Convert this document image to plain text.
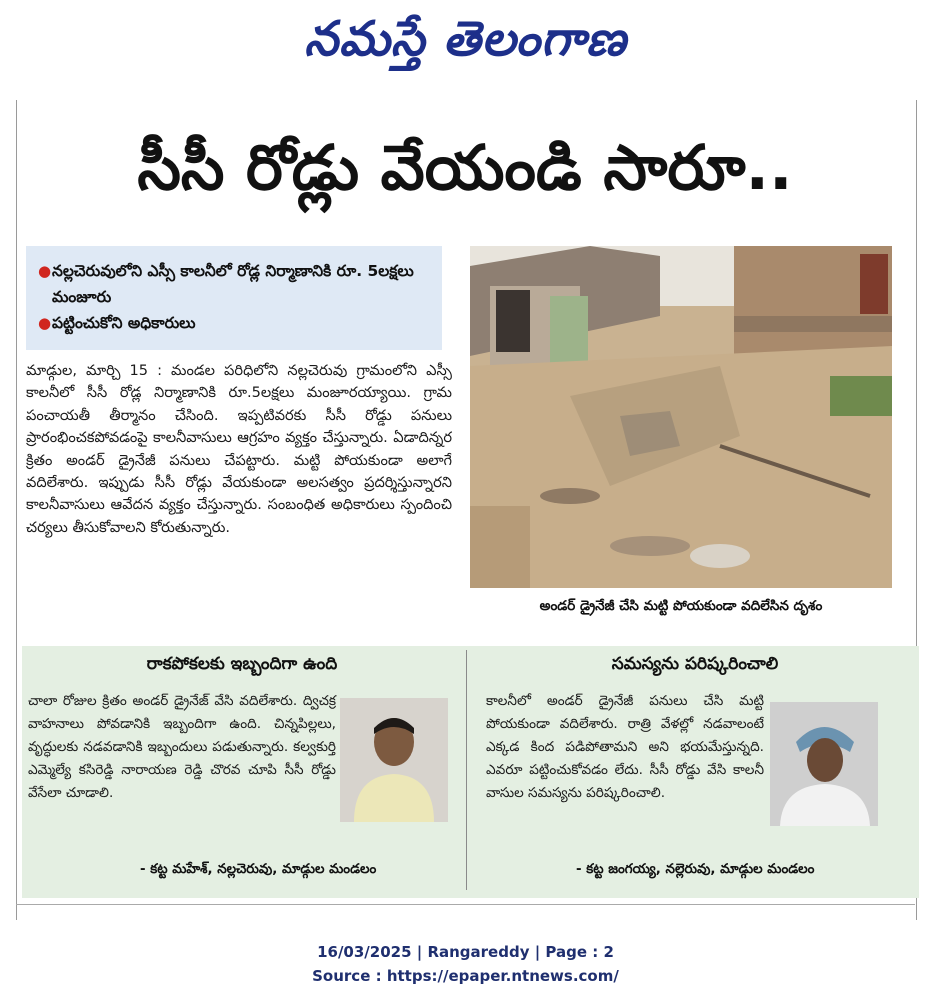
నమస్తే తెలంగాణ
సీసీ రోడ్లు వేయండి సారూ..
● నల్లచెరువులోని ఎస్సీ కాలనీలో రోడ్ల నిర్మాణానికి రూ. 5లక్షలు మంజూరు
● పట్టించుకోని అధికారులు
అండర్ డ్రైనేజీ చేసి మట్టి పోయకుండా వదిలేసిన దృశం
మాడ్గుల, మార్చి 15 : మండల పరిధిలోని నల్లచెరువు గ్రామంలోని ఎస్సీ కాలనీలో సీసీ రోడ్ల నిర్మాణానికి రూ.5లక్షలు మంజూరయ్యాయి. గ్రామ పంచాయతీ తీర్మానం చేసింది. ఇప్పటివరకు సీసీ రోడ్డు పనులు ప్రారంభించకపోవడంపై కాలనీవాసులు ఆగ్రహం వ్యక్తం చేస్తున్నారు. ఏడాదిన్నర క్రితం అండర్ డ్రైనేజీ పనులు చేపట్టారు. మట్టి పోయకుండా అలాగే వదిలేశారు. ఇప్పుడు సీసీ రోడ్లు వేయకుండా అలసత్వం ప్రదర్శిస్తున్నారని కాలనీవాసులు ఆవేదన వ్యక్తం చేస్తున్నారు. సంబంధిత అధికారులు స్పందించి చర్యలు తీసుకోవాలని కోరుతున్నారు.
రాకపోకలకు ఇబ్బందిగా ఉంది
చాలా రోజుల క్రితం అండర్ డ్రైనేజ్ వేసి వదిలేశారు. ద్విచక్ర వాహనాలు పోవడానికి ఇబ్బందిగా ఉంది. చిన్నపిల్లలు, వృద్ధులకు నడవడానికి ఇబ్బందులు పడుతున్నారు. కల్వకుర్తి ఎమ్మెల్యే కసిరెడ్డి నారాయణ రెడ్డి చొరవ చూపి సీసీ రోడ్డు వేసేలా చూడాలి.
- కట్ట మహేశ్, నల్లచెరువు, మాడ్గుల మండలం
సమస్యను పరిష్కరించాలి
కాలనీలో అండర్ డ్రైనేజీ పనులు చేసి మట్టి పోయకుండా వదిలేశారు. రాత్రి వేళల్లో నడవాలంటే ఎక్కడ కింద పడిపోతామని అని భయమేస్తున్నది. ఎవరూ పట్టించుకోవడం లేదు. సీసీ రోడ్డు వేసి కాలనీ వాసుల సమస్యను పరిష్కరించాలి.
- కట్ట జంగయ్య, నల్లెరువు, మాడ్గుల మండలం
16/03/2025 | Rangareddy | Page : 2
Source : https://epaper.ntnews.com/
